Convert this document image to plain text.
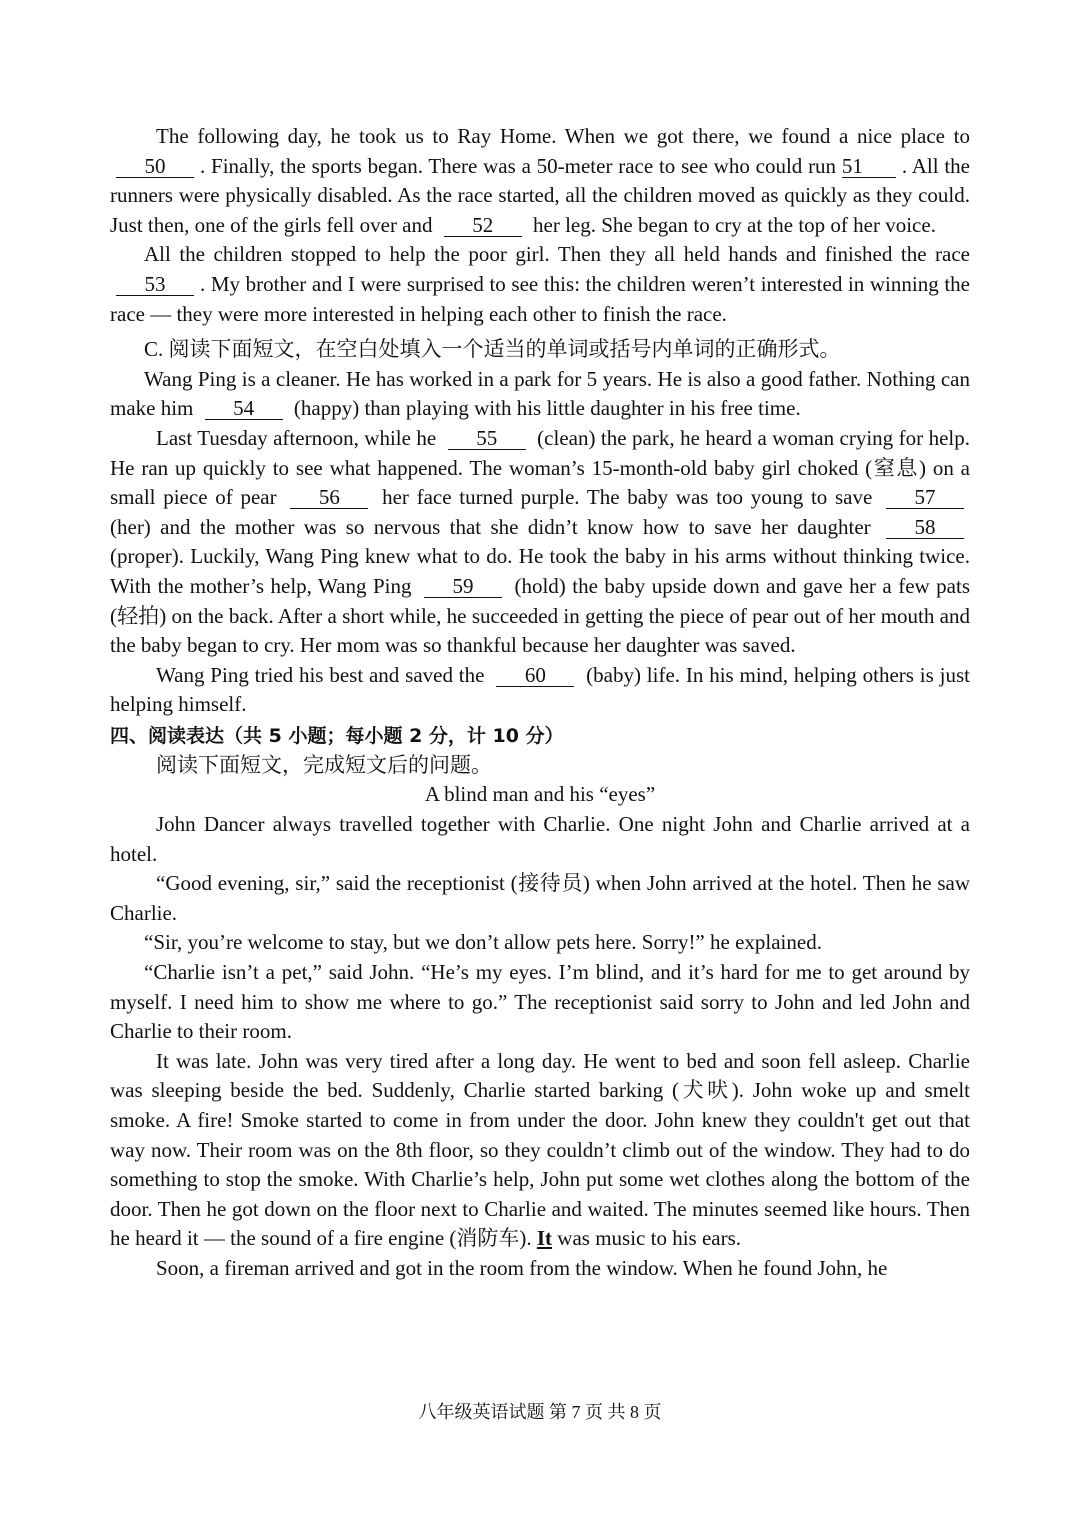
The following day, he took us to Ray Home. When we got there, we found a nice place to 50 . Finally, the sports began. There was a 50-meter race to see who could run 51 . All the runners were physically disabled. As the race started, all the children moved as quickly as they could. Just then, one of the girls fell over and 52 her leg. She began to cry at the top of her voice.

All the children stopped to help the poor girl. Then they all held hands and finished the race 53 . My brother and I were surprised to see this: the children weren’t interested in winning the race — they were more interested in helping each other to finish the race.

C. 阅读下面短文，在空白处填入一个适当的单词或括号内单词的正确形式。

Wang Ping is a cleaner. He has worked in a park for 5 years. He is also a good father. Nothing can make him 54 (happy) than playing with his little daughter in his free time.

Last Tuesday afternoon, while he 55 (clean) the park, he heard a woman crying for help. He ran up quickly to see what happened. The woman’s 15-month-old baby girl choked (窒息) on a small piece of pear 56 her face turned purple. The baby was too young to save 57 (her) and the mother was so nervous that she didn’t know how to save her daughter 58 (proper). Luckily, Wang Ping knew what to do. He took the baby in his arms without thinking twice. With the mother’s help, Wang Ping 59 (hold) the baby upside down and gave her a few pats (轻拍) on the back. After a short while, he succeeded in getting the piece of pear out of her mouth and the baby began to cry. Her mom was so thankful because her daughter was saved.

Wang Ping tried his best and saved the 60 (baby) life. In his mind, helping others is just helping himself.

四、阅读表达（共 5 小题；每小题 2 分，计 10 分）

阅读下面短文，完成短文后的问题。

A blind man and his “eyes”

John Dancer always travelled together with Charlie. One night John and Charlie arrived at a hotel.

“Good evening, sir,” said the receptionist (接待员) when John arrived at the hotel. Then he saw Charlie.

“Sir, you’re welcome to stay, but we don’t allow pets here. Sorry!” he explained.

“Charlie isn’t a pet,” said John. “He’s my eyes. I’m blind, and it’s hard for me to get around by myself. I need him to show me where to go.” The receptionist said sorry to John and led John and Charlie to their room.

It was late. John was very tired after a long day. He went to bed and soon fell asleep. Charlie was sleeping beside the bed. Suddenly, Charlie started barking (犬吠). John woke up and smelt smoke. A fire! Smoke started to come in from under the door. John knew they couldn't get out that way now. Their room was on the 8th floor, so they couldn’t climb out of the window. They had to do something to stop the smoke. With Charlie’s help, John put some wet clothes along the bottom of the door. Then he got down on the floor next to Charlie and waited. The minutes seemed like hours. Then he heard it — the sound of a fire engine (消防车). It was music to his ears.

Soon, a fireman arrived and got in the room from the window. When he found John, he

八年级英语试题 第 7 页 共 8 页
